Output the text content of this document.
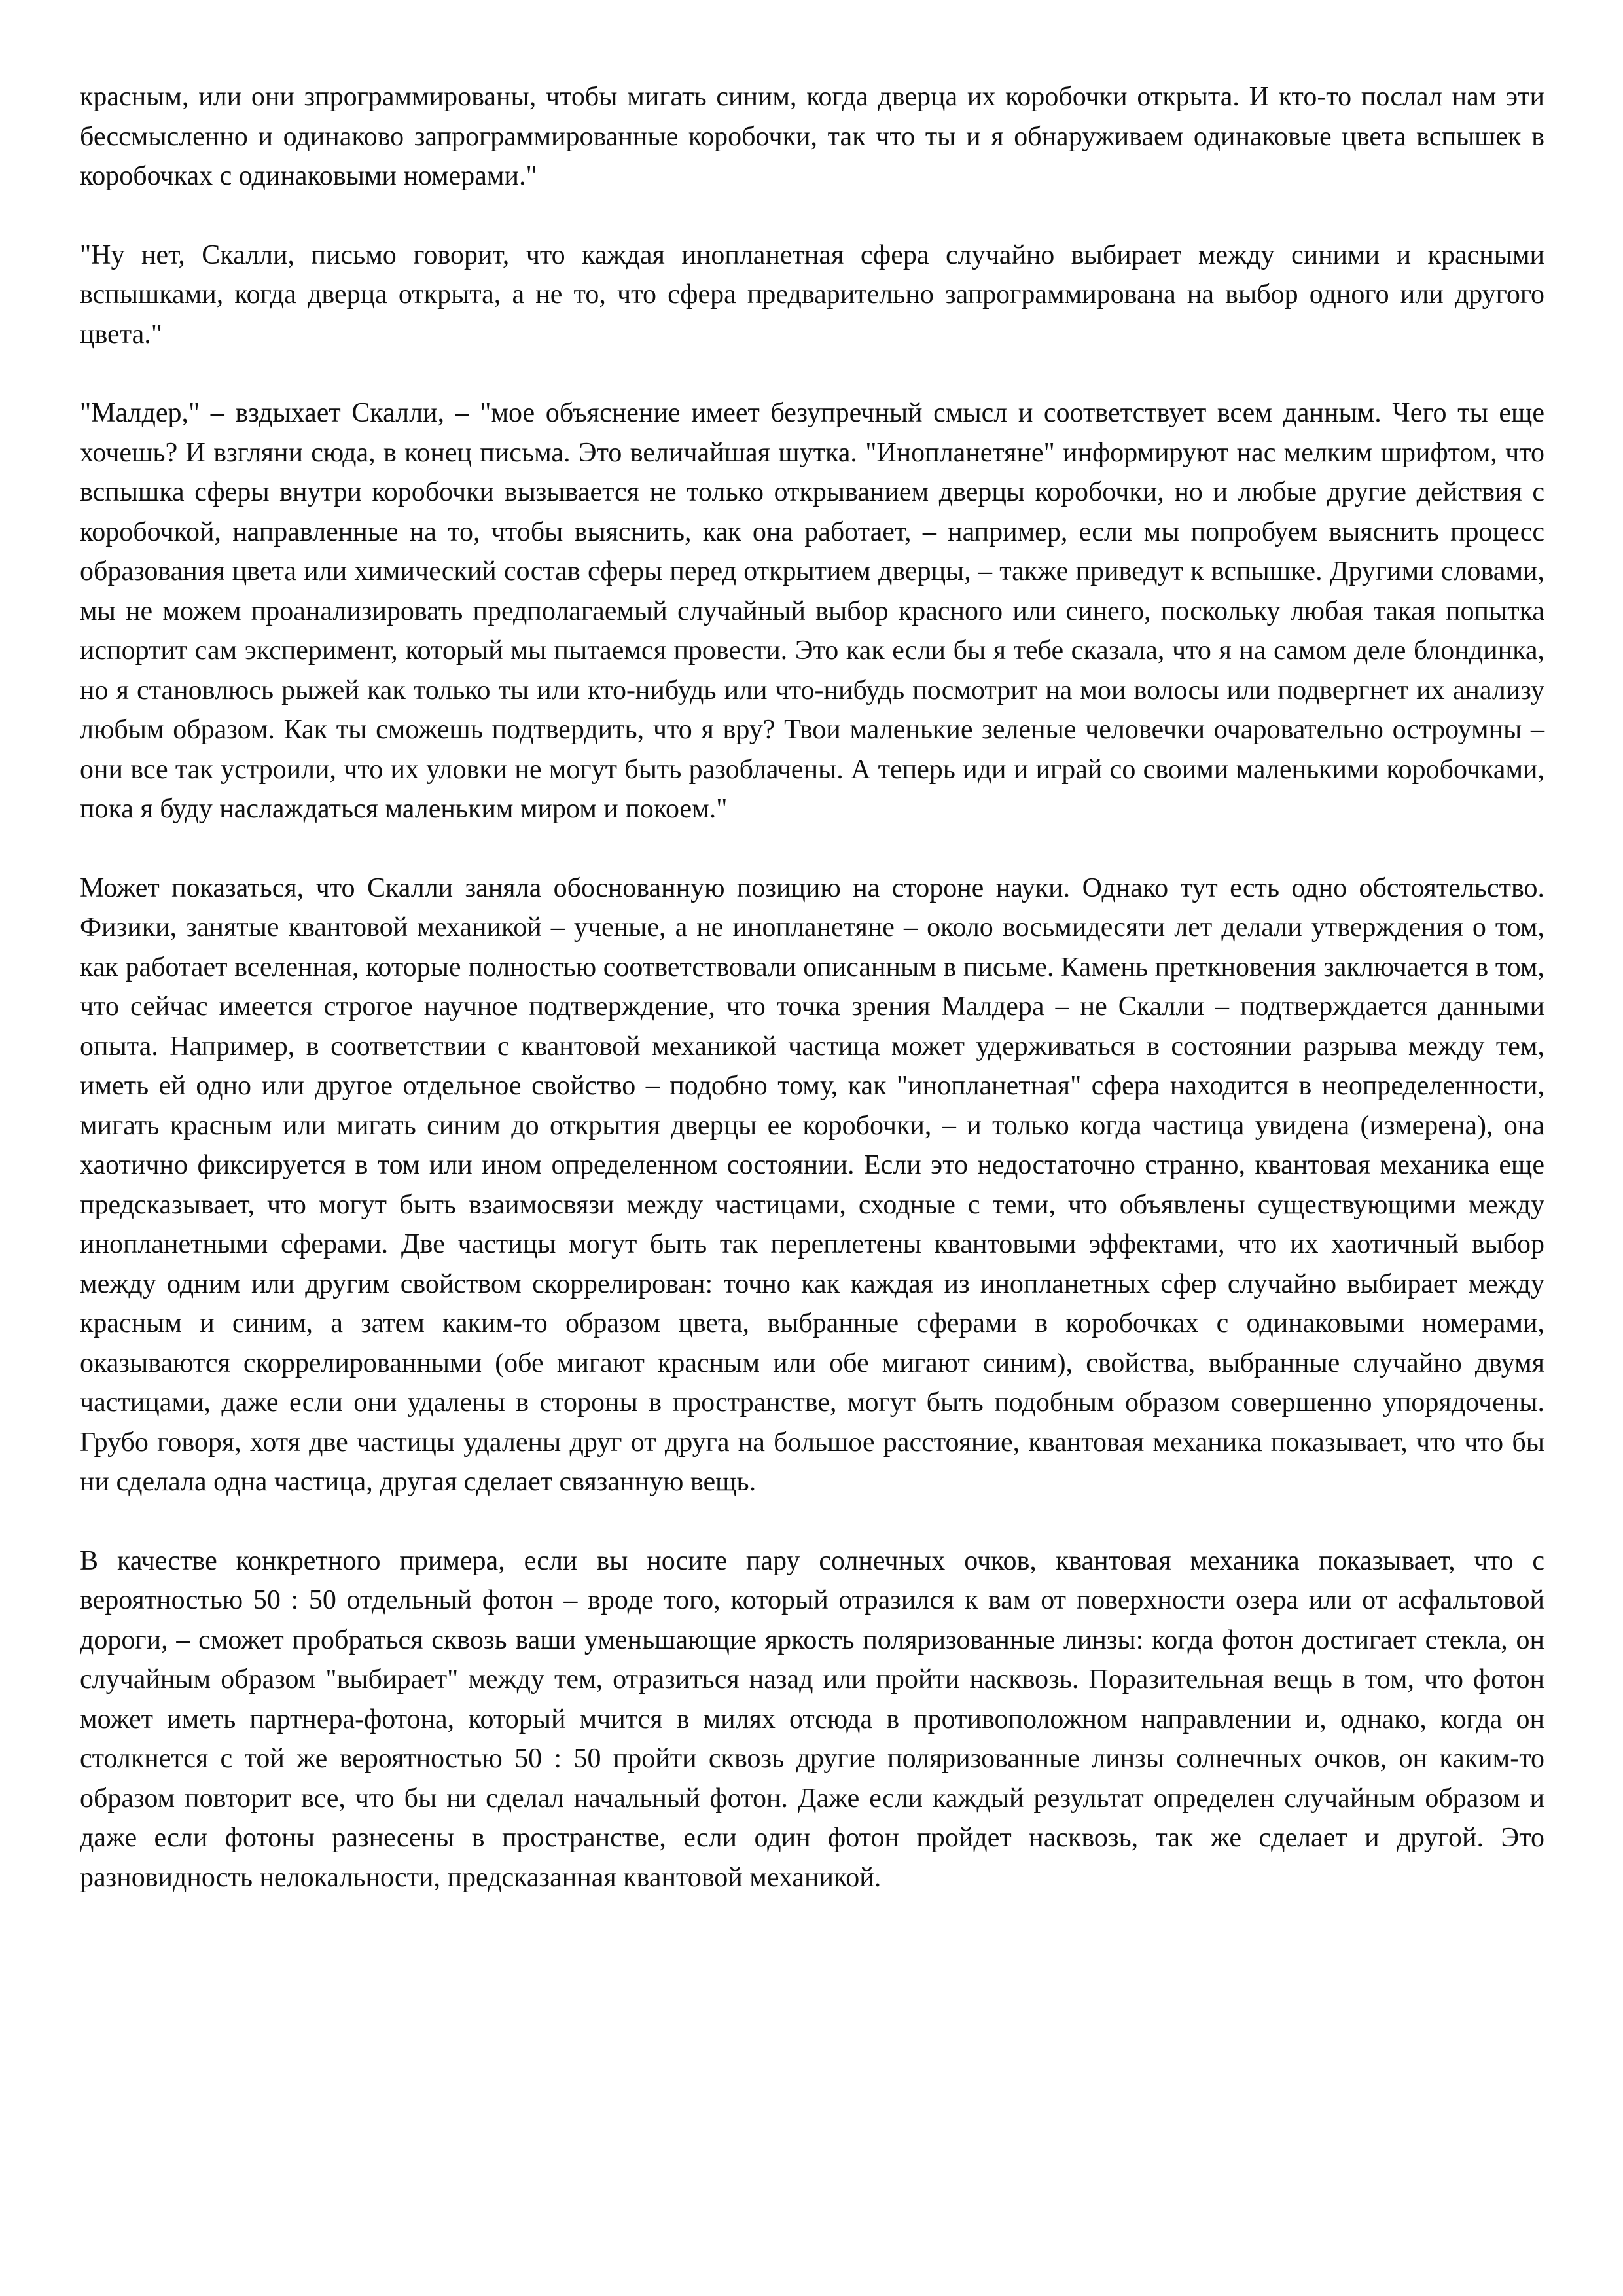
красным, или они зпрограммированы, чтобы мигать синим, когда дверца их коробочки открыта. И кто-то послал нам эти бессмысленно и одинаково запрограммированные коробочки, так что ты и я обнаруживаем одинаковые цвета вспышек в коробочках с одинаковыми номерами."

"Ну нет, Скалли, письмо говорит, что каждая инопланетная сфера случайно выбирает между синими и красными вспышками, когда дверца открыта, а не то, что сфера предварительно запрограммирована на выбор одного или другого цвета."

"Малдер," – вздыхает Скалли, – "мое объяснение имеет безупречный смысл и соответствует всем данным. Чего ты еще хочешь? И взгляни сюда, в конец письма. Это величайшая шутка. "Инопланетяне" информируют нас мелким шрифтом, что вспышка сферы внутри коробочки вызывается не только открыванием дверцы коробочки, но и любые другие действия с коробочкой, направленные на то, чтобы выяснить, как она работает, – например, если мы попробуем выяснить процесс образования цвета или химический состав сферы перед открытием дверцы, – также приведут к вспышке. Другими словами, мы не можем проанализировать предполагаемый случайный выбор красного или синего, поскольку любая такая попытка испортит сам эксперимент, который мы пытаемся провести. Это как если бы я тебе сказала, что я на самом деле блондинка, но я становлюсь рыжей как только ты или кто-нибудь или что-нибудь посмотрит на мои волосы или подвергнет их анализу любым образом. Как ты сможешь подтвердить, что я вру? Твои маленькие зеленые человечки очаровательно остроумны – они все так устроили, что их уловки не могут быть разоблачены. А теперь иди и играй со своими маленькими коробочками, пока я буду наслаждаться маленьким миром и покоем."

Может показаться, что Скалли заняла обоснованную позицию на стороне науки. Однако тут есть одно обстоятельство. Физики, занятые квантовой механикой – ученые, а не инопланетяне – около восьмидесяти лет делали утверждения о том, как работает вселенная, которые полностью соответствовали описанным в письме. Камень преткновения заключается в том, что сейчас имеется строгое научное подтверждение, что точка зрения Малдера – не Скалли – подтверждается данными опыта. Например, в соответствии с квантовой механикой частица может удерживаться в состоянии разрыва между тем, иметь ей одно или другое отдельное свойство – подобно тому, как "инопланетная" сфера находится в неопределенности, мигать красным или мигать синим до открытия дверцы ее коробочки, – и только когда частица увидена (измерена), она хаотично фиксируется в том или ином определенном состоянии. Если это недостаточно странно, квантовая механика еще предсказывает, что могут быть взаимосвязи между частицами, сходные с теми, что объявлены существующими между инопланетными сферами. Две частицы могут быть так переплетены квантовыми эффектами, что их хаотичный выбор между одним или другим свойством скоррелирован: точно как каждая из инопланетных сфер случайно выбирает между красным и синим, а затем каким-то образом цвета, выбранные сферами в коробочках с одинаковыми номерами, оказываются скоррелированными (обе мигают красным или обе мигают синим), свойства, выбранные случайно двумя частицами, даже если они удалены в стороны в пространстве, могут быть подобным образом совершенно упорядочены. Грубо говоря, хотя две частицы удалены друг от друга на большое расстояние, квантовая механика показывает, что что бы ни сделала одна частица, другая сделает связанную вещь.

В качестве конкретного примера, если вы носите пару солнечных очков, квантовая механика показывает, что с вероятностью 50 : 50 отдельный фотон – вроде того, который отразился к вам от поверхности озера или от асфальтовой дороги, – сможет пробраться сквозь ваши уменьшающие яркость поляризованные линзы: когда фотон достигает стекла, он случайным образом "выбирает" между тем, отразиться назад или пройти насквозь. Поразительная вещь в том, что фотон может иметь партнера-фотона, который мчится в милях отсюда в противоположном направлении и, однако, когда он столкнется с той же вероятностью 50 : 50 пройти сквозь другие поляризованные линзы солнечных очков, он каким-то образом повторит все, что бы ни сделал начальный фотон. Даже если каждый результат определен случайным образом и даже если фотоны разнесены в пространстве, если один фотон пройдет насквозь, так же сделает и другой. Это разновидность нелокальности, предсказанная квантовой механикой.
